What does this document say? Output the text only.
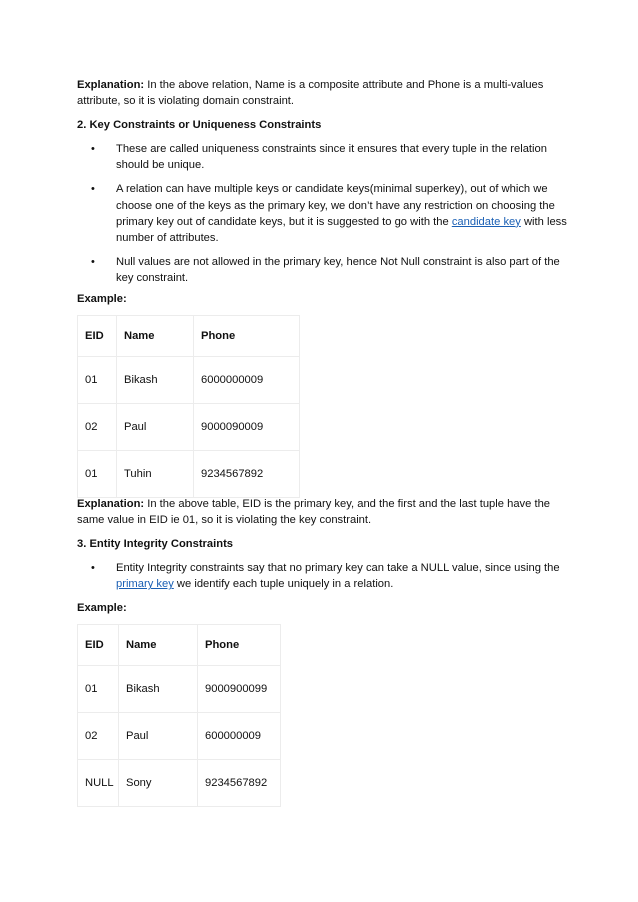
Explanation: In the above relation, Name is a composite attribute and Phone is a multi-values attribute, so it is violating domain constraint.

2. Key Constraints or Uniqueness Constraints

• These are called uniqueness constraints since it ensures that every tuple in the relation should be unique.
• A relation can have multiple keys or candidate keys(minimal superkey), out of which we choose one of the keys as the primary key, we don’t have any restriction on choosing the primary key out of candidate keys, but it is suggested to go with the candidate key with less number of attributes.
• Null values are not allowed in the primary key, hence Not Null constraint is also part of the key constraint.

Example:

EID	Name	Phone
01	Bikash	6000000009
02	Paul	9000090009
01	Tuhin	9234567892

Explanation: In the above table, EID is the primary key, and the first and the last tuple have the same value in EID ie 01, so it is violating the key constraint.

3. Entity Integrity Constraints

• Entity Integrity constraints say that no primary key can take a NULL value, since using the primary key we identify each tuple uniquely in a relation.

Example:

EID	Name	Phone
01	Bikash	9000900099
02	Paul	600000009
NULL	Sony	9234567892
